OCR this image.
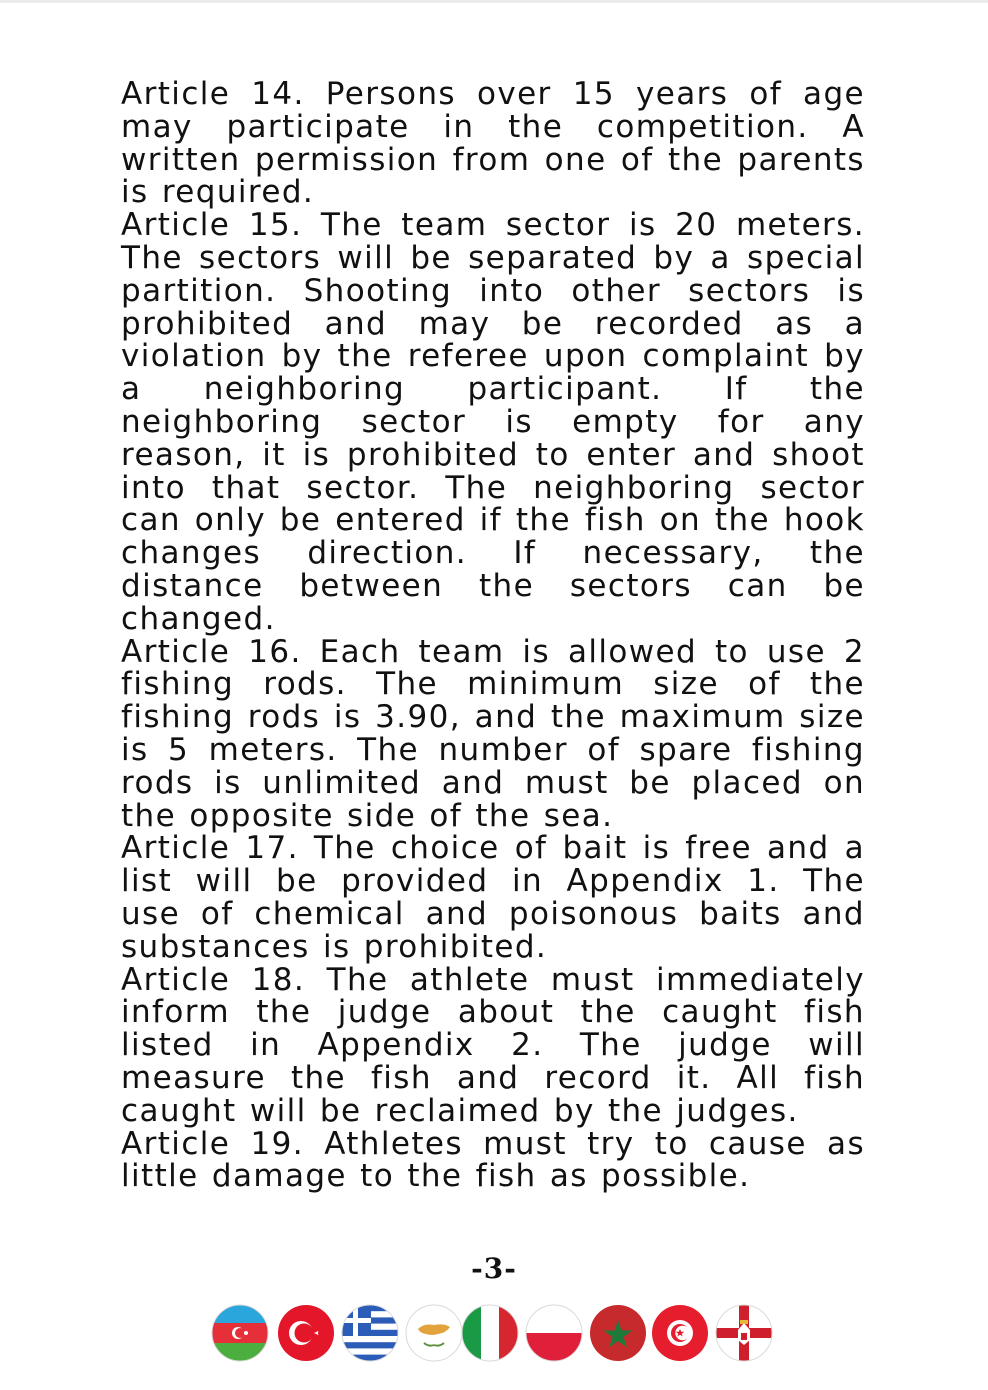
Article 14. Persons over 15 years of age may participate in the competition. A written permission from one of the parents is required.

Article 15. The team sector is 20 meters. The sectors will be separated by a special partition. Shooting into other sectors is prohibited and may be recorded as a violation by the referee upon complaint by a neighboring participant. If the neighboring sector is empty for any reason, it is prohibited to enter and shoot into that sector. The neighboring sector can only be entered if the fish on the hook changes direction. If necessary, the distance between the sectors can be changed.

Article 16. Each team is allowed to use 2 fishing rods. The minimum size of the fishing rods is 3.90, and the maximum size is 5 meters. The number of spare fishing rods is unlimited and must be placed on the opposite side of the sea.

Article 17. The choice of bait is free and a list will be provided in Appendix 1. The use of chemical and poisonous baits and substances is prohibited.

Article 18. The athlete must immediately inform the judge about the caught fish listed in Appendix 2. The judge will measure the fish and record it. All fish caught will be reclaimed by the judges.

Article 19. Athletes must try to cause as little damage to the fish as possible.

-3-
